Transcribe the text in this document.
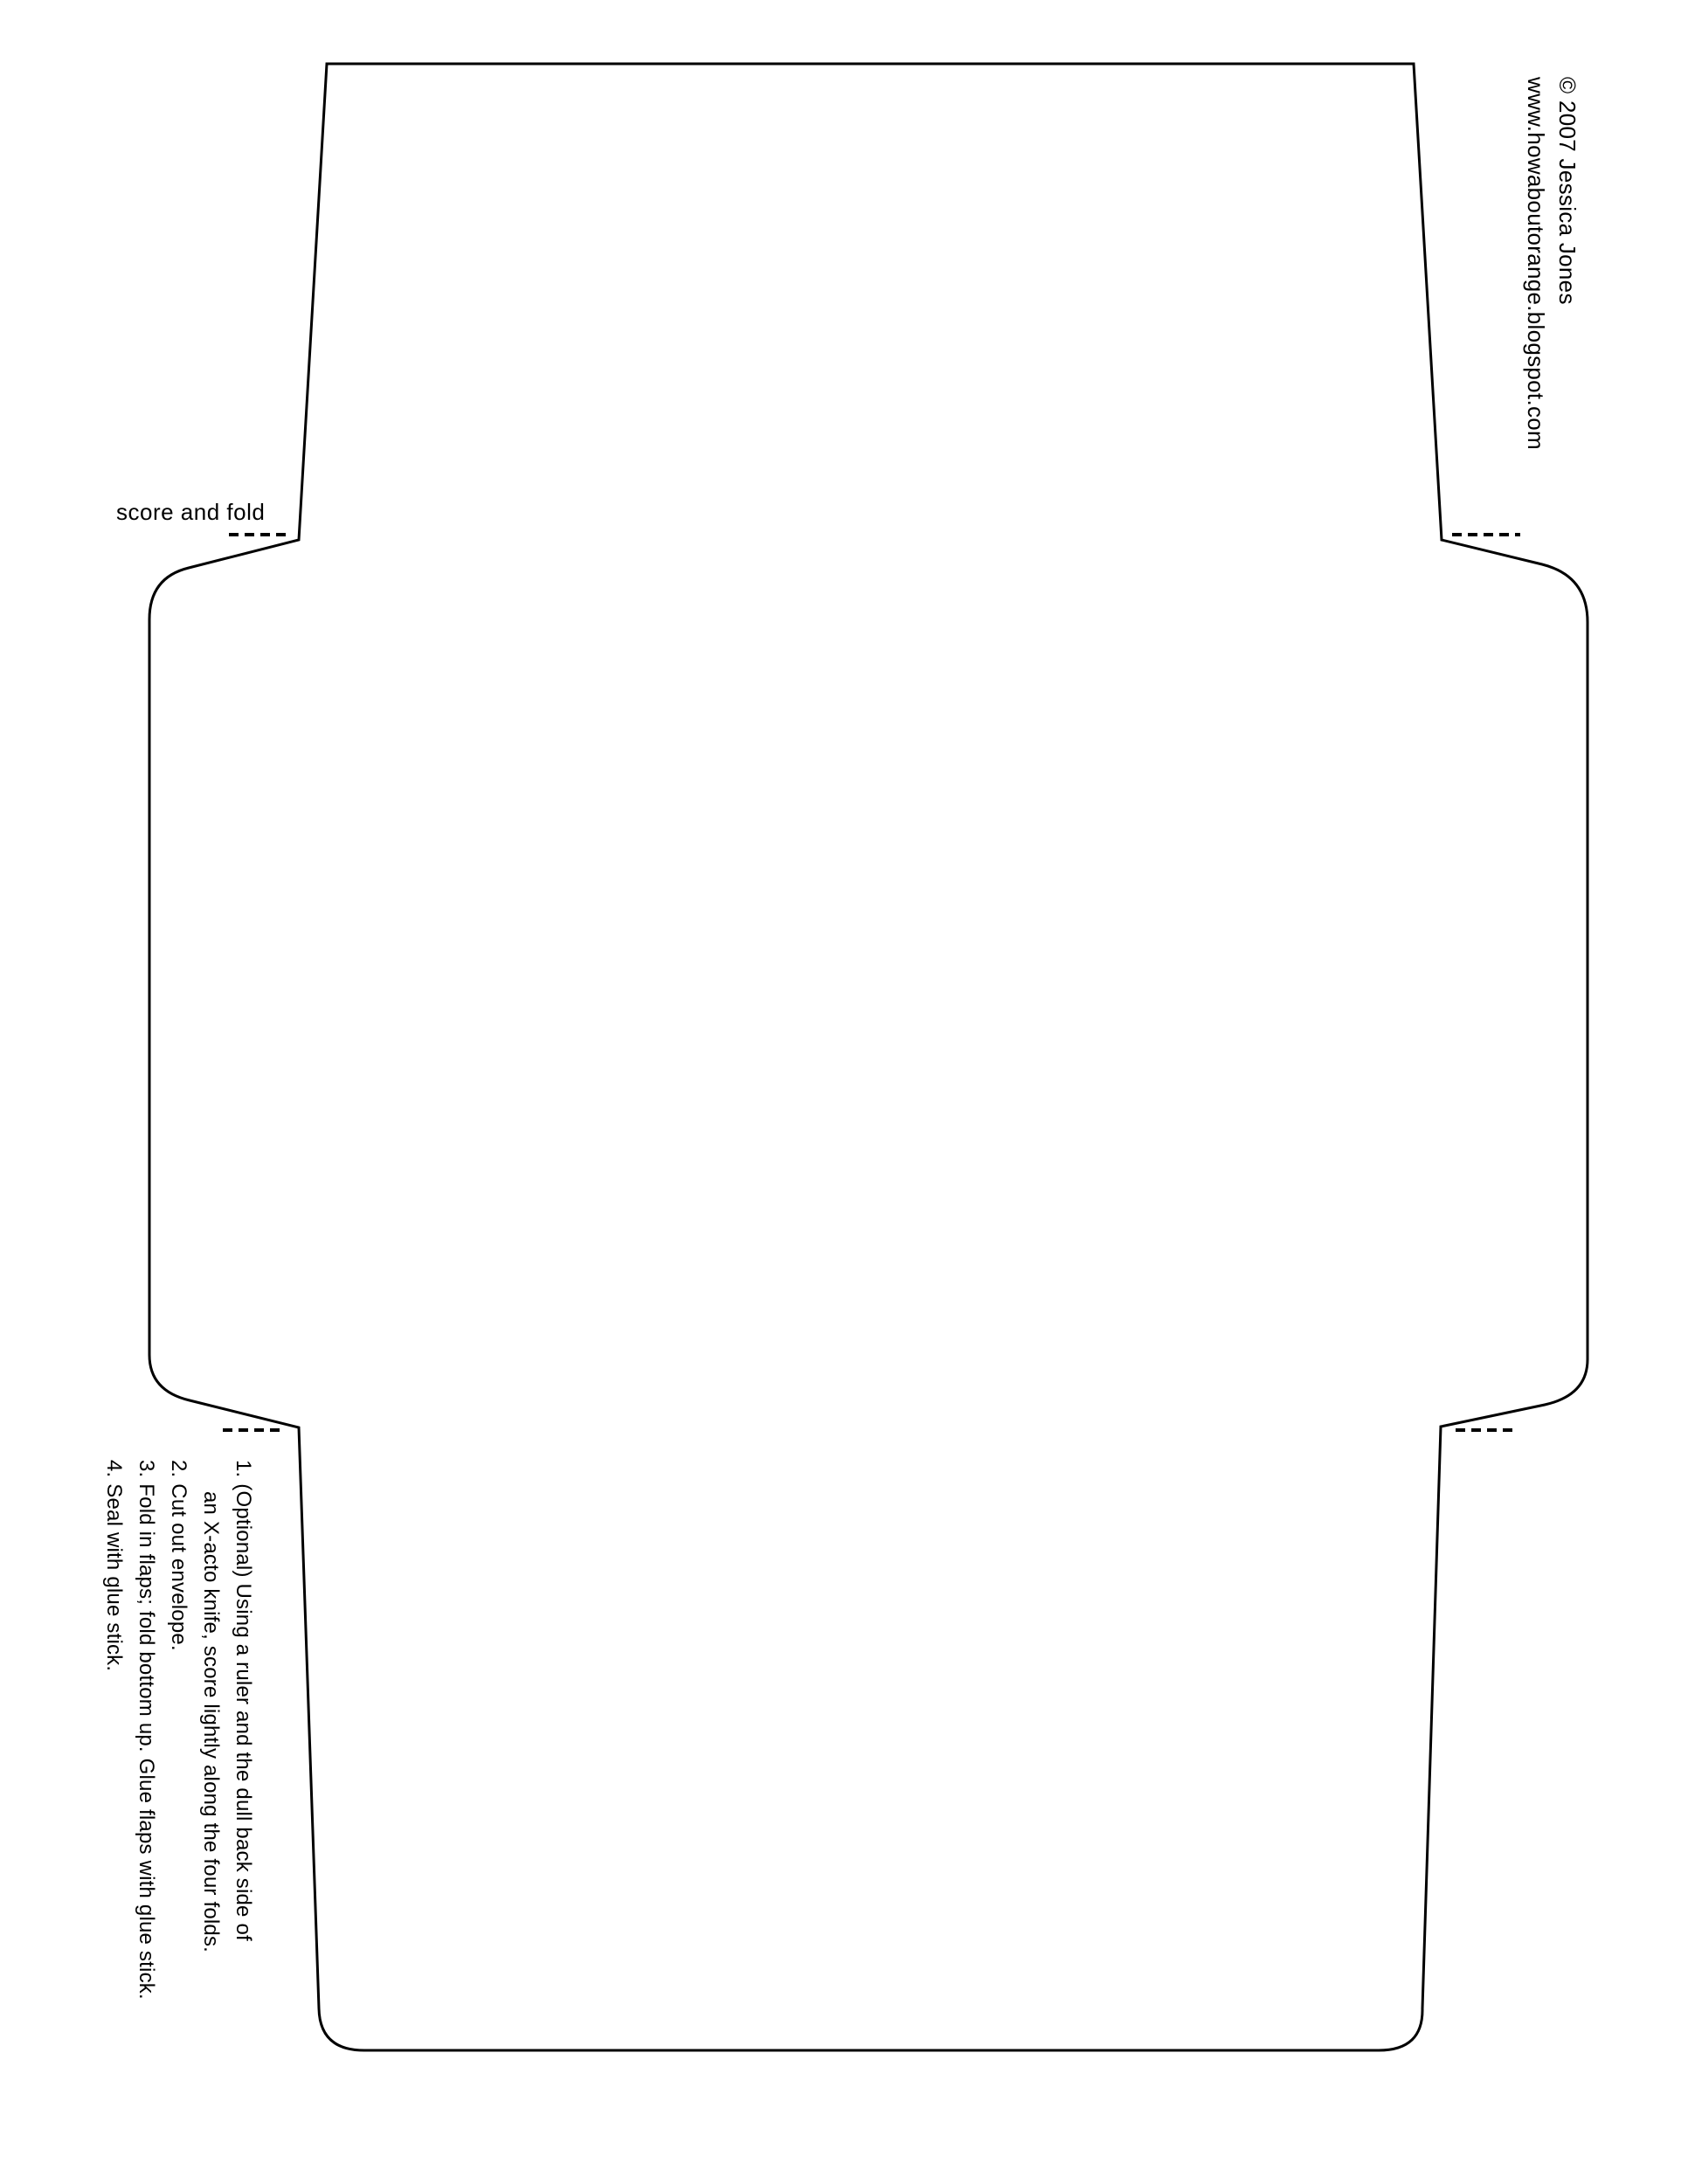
score and fold
© 2007 Jessica Jones
www.howaboutorange.blogspot.com
1. (Optional) Using a ruler and the dull back side of
an X-acto knife, score lightly along the four folds.
2. Cut out envelope.
3. Fold in flaps; fold bottom up. Glue flaps with glue stick.
4. Seal with glue stick.
